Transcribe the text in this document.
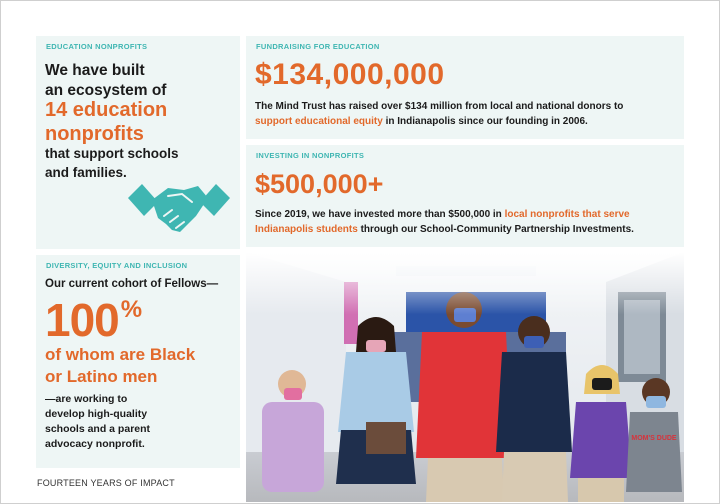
EDUCATION NONPROFITS
We have built
an ecosystem of
14 education
nonprofits
that support schools
and families.
FUNDRAISING FOR EDUCATION
$134,000,000
The Mind Trust has raised over $134 million from local and national donors to
support educational equity in Indianapolis since our founding in 2006.
INVESTING IN NONPROFITS
$500,000+
Since 2019, we have invested more than $500,000 in local nonprofits that serve
Indianapolis students through our School-Community Partnership Investments.
DIVERSITY, EQUITY AND INCLUSION
Our current cohort of Fellows—
100%
of whom are Black
or Latino men
—are working to
develop high-quality
schools and a parent
advocacy nonprofit.
FOURTEEN YEARS OF IMPACT
